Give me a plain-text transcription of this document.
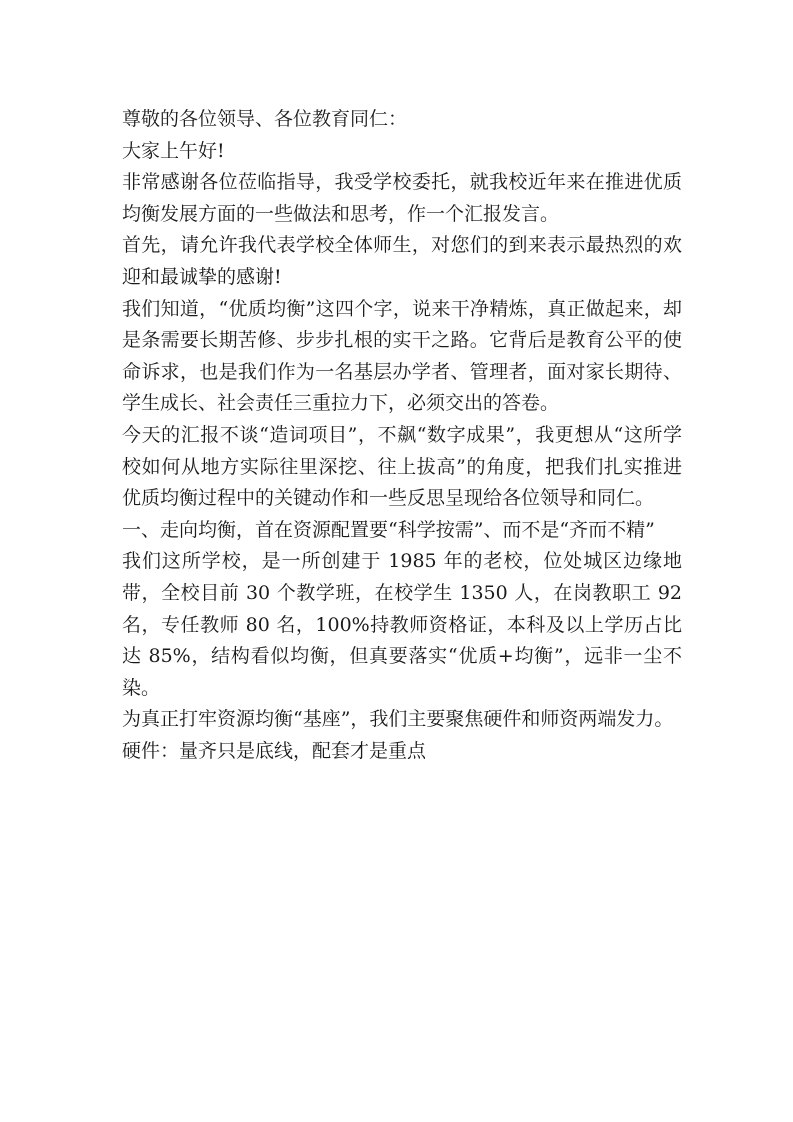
尊敬的各位领导、各位教育同仁：

大家上午好!

非常感谢各位莅临指导，我受学校委托，就我校近年来在推进优质均衡发展方面的一些做法和思考，作一个汇报发言。

首先，请允许我代表学校全体师生，对您们的到来表示最热烈的欢迎和最诚挚的感谢!

我们知道，“优质均衡”这四个字，说来干净精炼，真正做起来，却是条需要长期苦修、步步扎根的实干之路。它背后是教育公平的使命诉求，也是我们作为一名基层办学者、管理者，面对家长期待、学生成长、社会责任三重拉力下，必须交出的答卷。

今天的汇报不谈“造词项目”，不飙“数字成果”，我更想从“这所学校如何从地方实际往里深挖、往上拔高”的角度，把我们扎实推进优质均衡过程中的关键动作和一些反思呈现给各位领导和同仁。

一、走向均衡，首在资源配置要“科学按需”、而不是“齐而不精”

我们这所学校，是一所创建于 1985 年的老校，位处城区边缘地带，全校目前 30 个教学班，在校学生 1350 人，在岗教职工 92 名，专任教师 80 名，100%持教师资格证，本科及以上学历占比达 85%，结构看似均衡，但真要落实“优质+均衡”，远非一尘不染。

为真正打牢资源均衡“基座”，我们主要聚焦硬件和师资两端发力。

硬件：量齐只是底线，配套才是重点
